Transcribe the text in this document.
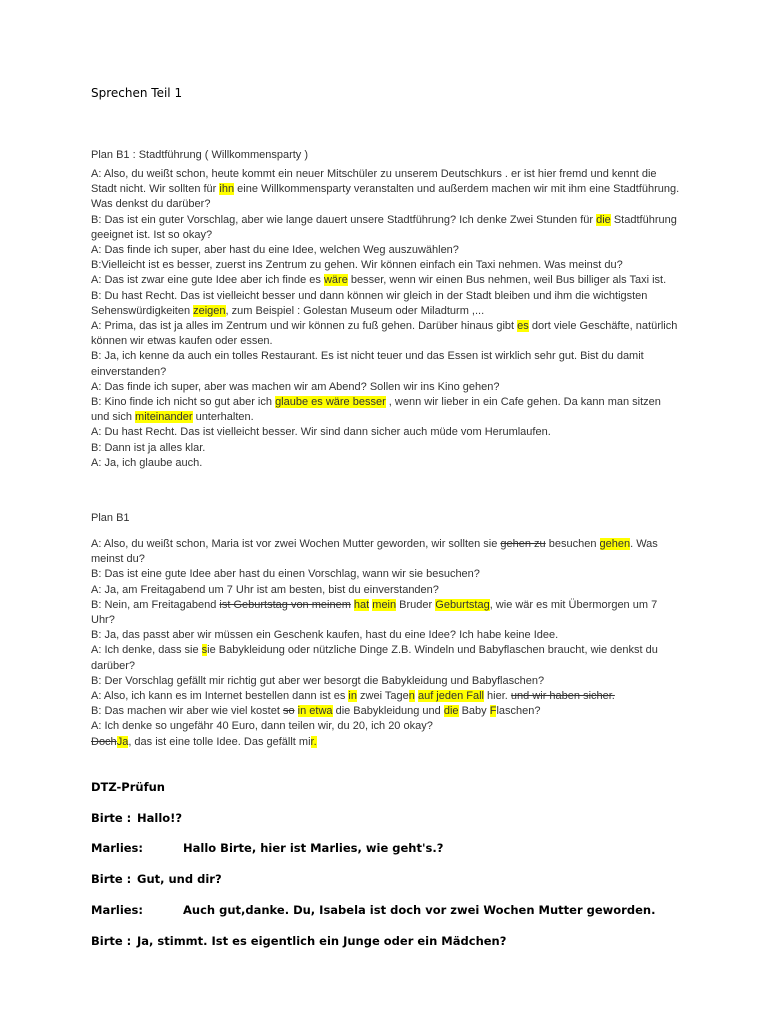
Sprechen Teil 1
Plan B1 : Stadtführung ( Willkommensparty )

A: Also, du weißt schon, heute kommt ein neuer Mitschüler zu unserem Deutschkurs . er ist hier fremd und kennt die Stadt nicht. Wir sollten für ihn eine Willkommensparty veranstalten und außerdem machen wir mit ihm eine Stadtführung. Was denkst du darüber?

B: Das ist ein guter Vorschlag, aber wie lange dauert unsere Stadtführung? Ich denke Zwei Stunden für die Stadtführung geeignet ist. Ist so okay?

A: Das finde ich super, aber hast du eine Idee, welchen Weg auszuwählen?

B:Vielleicht ist es besser, zuerst ins Zentrum zu gehen. Wir können einfach ein Taxi nehmen. Was meinst du?

A: Das ist zwar eine gute Idee aber ich finde es wäre besser, wenn wir einen Bus nehmen, weil Bus billiger als Taxi ist.

B: Du hast Recht. Das ist vielleicht besser und dann können wir gleich in der Stadt bleiben und ihm die wichtigsten Sehenswürdigkeiten zeigen, zum Beispiel : Golestan Museum oder Miladturm ,...

A: Prima, das ist ja alles im Zentrum und wir können zu fuß gehen. Darüber hinaus gibt es dort viele Geschäfte, natürlich können wir etwas kaufen oder essen.

B: Ja, ich kenne da auch ein tolles Restaurant. Es ist nicht teuer und das Essen ist wirklich sehr gut. Bist du damit einverstanden?

A: Das finde ich super, aber was machen wir am Abend? Sollen wir ins Kino gehen?

B: Kino finde ich nicht so gut aber ich glaube es wäre besser , wenn wir lieber in ein Cafe gehen. Da kann man sitzen und sich miteinander unterhalten.

A: Du hast Recht. Das ist vielleicht besser. Wir sind dann sicher auch müde vom Herumlaufen.

B: Dann ist ja alles klar.

A: Ja, ich glaube auch.

Plan B1

A: Also, du weißt schon, Maria ist vor zwei Wochen Mutter geworden, wir sollten sie gehen zu besuchen gehen. Was meinst du?

B: Das ist eine gute Idee aber hast du einen Vorschlag, wann wir sie besuchen?

A: Ja, am Freitagabend um 7 Uhr ist am besten, bist du einverstanden?

B: Nein, am Freitagabend ist Geburtstag von meinem hat mein Bruder Geburtstag, wie wär es mit Übermorgen um 7 Uhr?

B: Ja, das passt aber wir müssen ein Geschenk kaufen, hast du eine Idee? Ich habe keine Idee.

A: Ich denke, dass sie sie Babykleidung oder nützliche Dinge Z.B. Windeln und Babyflaschen braucht, wie denkst du darüber?

B: Der Vorschlag gefällt mir richtig gut aber wer besorgt die Babykleidung und Babyflaschen?

A: Also, ich kann es im Internet bestellen dann ist es in zwei Tagen auf jeden Fall hier. und wir haben sicher.

B: Das machen wir aber wie viel kostet so in etwa die Babykleidung und die Baby Flaschen?

A: Ich denke so ungefähr 40 Euro, dann teilen wir, du 20, ich 20 okay?

DochJa, das ist eine tolle Idee. Das gefällt mir.

DTZ-Prüfun
Birte : Hallo!?
Marlies:	Hallo Birte, hier ist Marlies, wie geht's.?
Birte : Gut, und dir?
Marlies:	Auch gut,danke. Du, Isabela ist doch vor zwei Wochen Mutter geworden.
Birte : Ja, stimmt. Ist es eigentlich ein Junge oder ein Mädchen?
